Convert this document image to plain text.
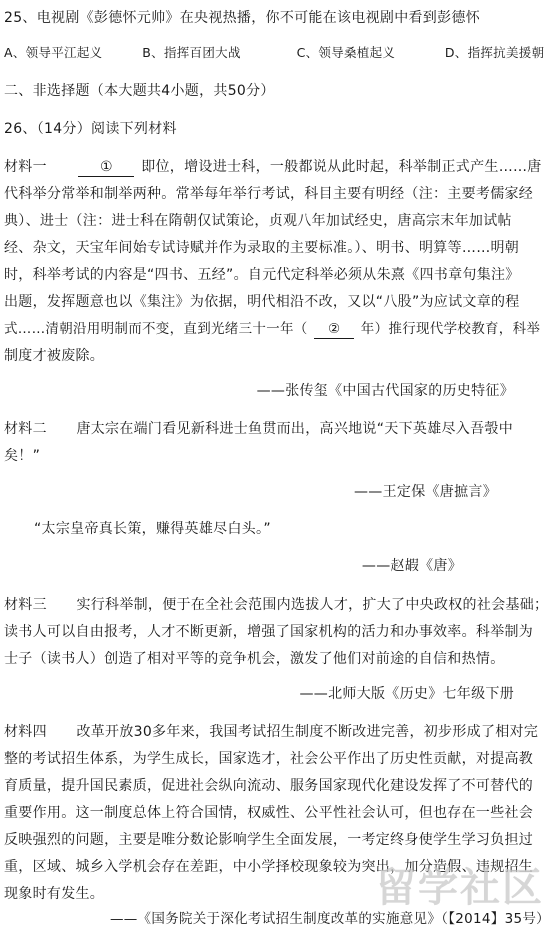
25、电视剧《彭德怀元帅》在央视热播，你不可能在该电视剧中看到彭德怀
A、领导平江起义	B、指挥百团大战	C、领导桑植起义	D、指挥抗美援朝
二、非选择题（本大题共4小题，共50分）
26、（14分）阅读下列材料
材料一	① 即位，增设进士科，一般都说从此时起，科举制正式产生……唐
代科举分常举和制举两种。常举每年举行考试，科目主要有明经（注：主要考儒家经
典）、进士（注：进士科在隋朝仅试策论，贞观八年加试经史，唐高宗末年加试帖
经、杂文，天宝年间始专试诗赋并作为录取的主要标准。）、明书、明算等……明朝
时，科举考试的内容是“四书、五经”。自元代定科举必须从朱熹《四书章句集注》
出题，发挥题意也以《集注》为依据，明代相沿不改，又以“八股”为应试文章的程
式……清朝沿用明制而不变，直到光绪三十一年（ ② 年）推行现代学校教育，科举
制度才被废除。
——张传玺《中国古代国家的历史特征》
材料二 唐太宗在端门看见新科进士鱼贯而出，高兴地说“天下英雄尽入吾彀中
矣！”
——王定保《唐摭言》
“太宗皇帝真长策，赚得英雄尽白头。”
——赵嘏《唐》
材料三 实行科举制，便于在全社会范围内选拔人才，扩大了中央政权的社会基础；
读书人可以自由报考，人才不断更新，增强了国家机构的活力和办事效率。科举制为
士子（读书人）创造了相对平等的竞争机会，激发了他们对前途的自信和热情。
——北师大版《历史》七年级下册
材料四 改革开放30多年来，我国考试招生制度不断改进完善，初步形成了相对完
整的考试招生体系，为学生成长，国家选才，社会公平作出了历史性贡献，对提高教
育质量，提升国民素质，促进社会纵向流动、服务国家现代化建设发挥了不可替代的
重要作用。这一制度总体上符合国情，权威性、公平性社会认可，但也存在一些社会
反映强烈的问题，主要是唯分数论影响学生全面发展，一考定终身使学生学习负担过
重，区域、城乡入学机会存在差距，中小学择校现象较为突出，加分造假、违规招生
现象时有发生。
——《国务院关于深化考试招生制度改革的实施意见》（【2014】35号）
留学社区
